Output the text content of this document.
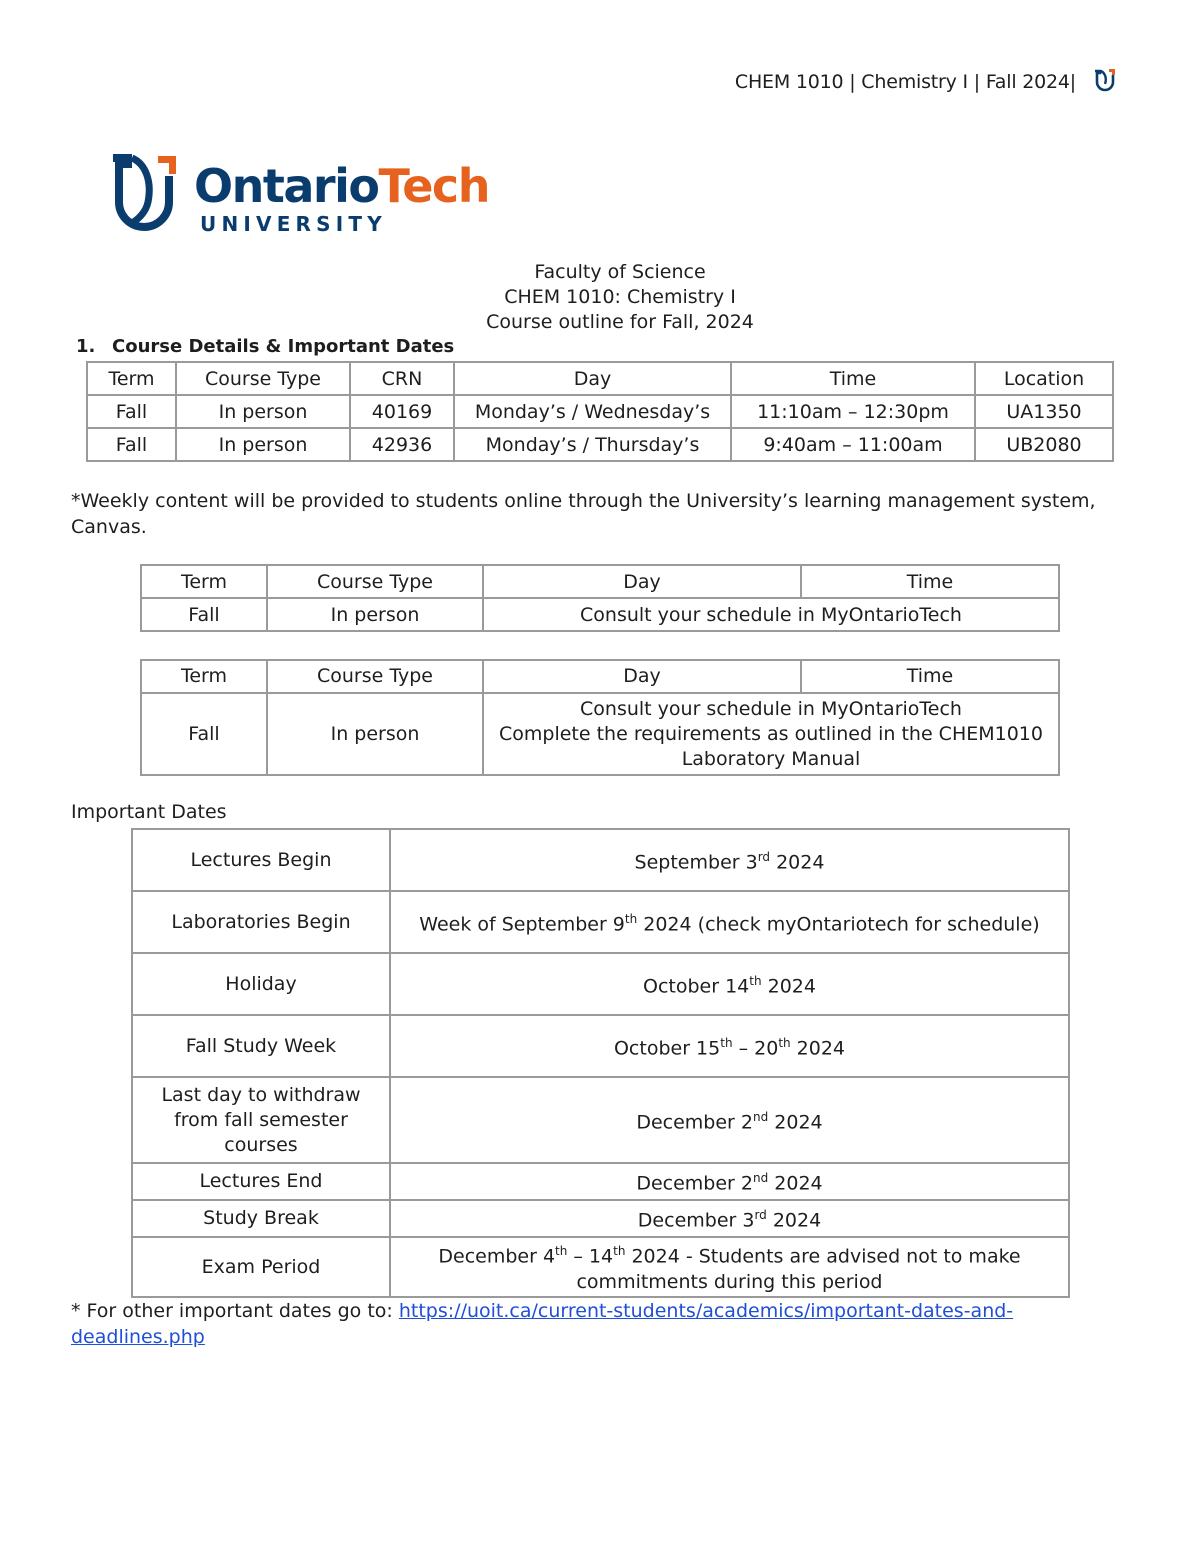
CHEM 1010 | Chemistry I | Fall 2024|
OntarioTech
UNIVERSITY
Faculty of Science
CHEM 1010: Chemistry I
Course outline for Fall, 2024
1. Course Details & Important Dates
Term	Course Type	CRN	Day	Time	Location
Fall	In person	40169	Monday’s / Wednesday’s	11:10am – 12:30pm	UA1350
Fall	In person	42936	Monday’s / Thursday’s	9:40am – 11:00am	UB2080
*Weekly content will be provided to students online through the University’s learning management system, Canvas.
Term	Course Type	Day	Time
Fall	In person	Consult your schedule in MyOntarioTech	
Term	Course Type	Day	Time
Fall	In person	Consult your schedule in MyOntarioTech
Complete the requirements as outlined in the CHEM1010
Laboratory Manual	
Important Dates
Lectures Begin	September 3rd 2024
Laboratories Begin	Week of September 9th 2024 (check myOntariotech for schedule)
Holiday	October 14th 2024
Fall Study Week	October 15th – 20th 2024

Last day to withdraw
from fall semester
courses	December 2nd 2024
Lectures End	December 2nd 2024
Study Break	December 3rd 2024
Exam Period	December 4th – 14th 2024 - Students are advised not to make
commitments during this period
* For other important dates go to: https://uoit.ca/current-students/academics/important-dates-and-deadlines.php
